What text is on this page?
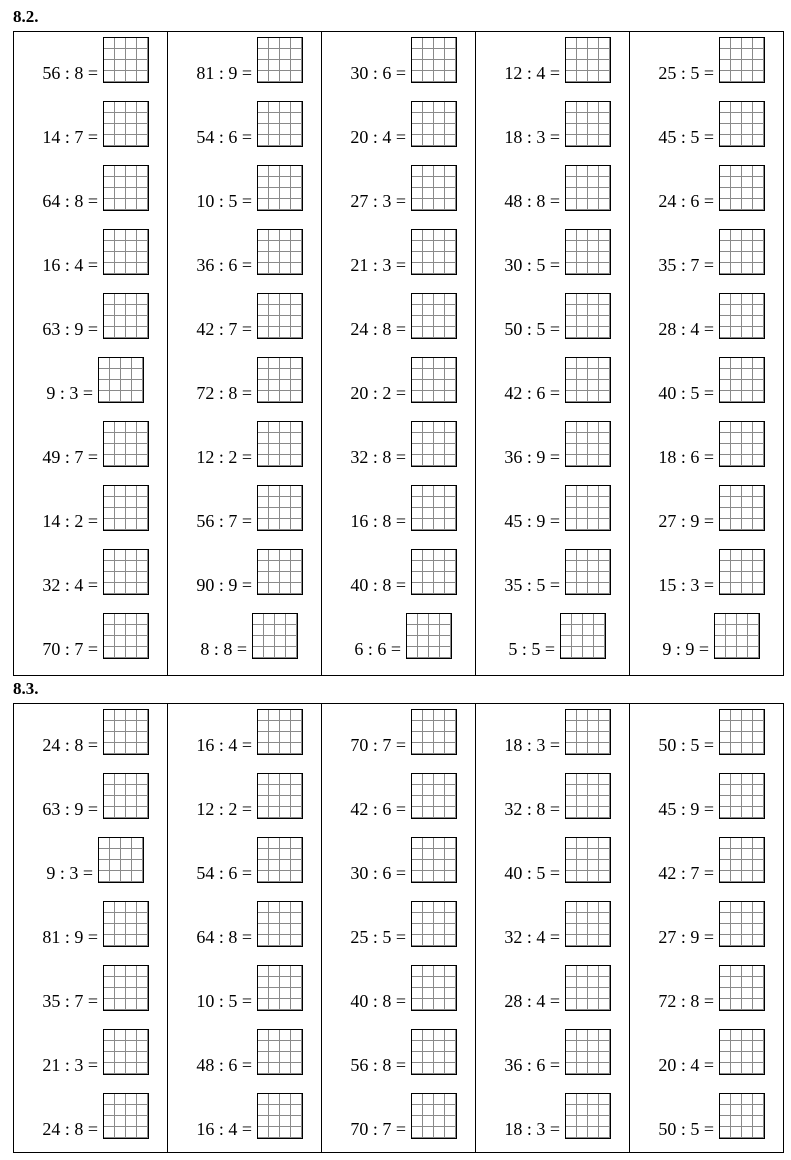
8.2.
56 : 8 =
14 : 7 =
64 : 8 =
16 : 4 =
63 : 9 =
9 : 3 =
49 : 7 =
14 : 2 =
32 : 4 =
70 : 7 =
81 : 9 =
54 : 6 =
10 : 5 =
36 : 6 =
42 : 7 =
72 : 8 =
12 : 2 =
56 : 7 =
90 : 9 =
8 : 8 =
30 : 6 =
20 : 4 =
27 : 3 =
21 : 3 =
24 : 8 =
20 : 2 =
32 : 8 =
16 : 8 =
40 : 8 =
6 : 6 =
12 : 4 =
18 : 3 =
48 : 8 =
30 : 5 =
50 : 5 =
42 : 6 =
36 : 9 =
45 : 9 =
35 : 5 =
5 : 5 =
25 : 5 =
45 : 5 =
24 : 6 =
35 : 7 =
28 : 4 =
40 : 5 =
18 : 6 =
27 : 9 =
15 : 3 =
9 : 9 =
8.3.
24 : 8 =
63 : 9 =
9 : 3 =
81 : 9 =
35 : 7 =
21 : 3 =
24 : 8 =
16 : 4 =
12 : 2 =
54 : 6 =
64 : 8 =
10 : 5 =
48 : 6 =
16 : 4 =
70 : 7 =
42 : 6 =
30 : 6 =
25 : 5 =
40 : 8 =
56 : 8 =
70 : 7 =
18 : 3 =
32 : 8 =
40 : 5 =
32 : 4 =
28 : 4 =
36 : 6 =
18 : 3 =
50 : 5 =
45 : 9 =
42 : 7 =
27 : 9 =
72 : 8 =
20 : 4 =
50 : 5 =
